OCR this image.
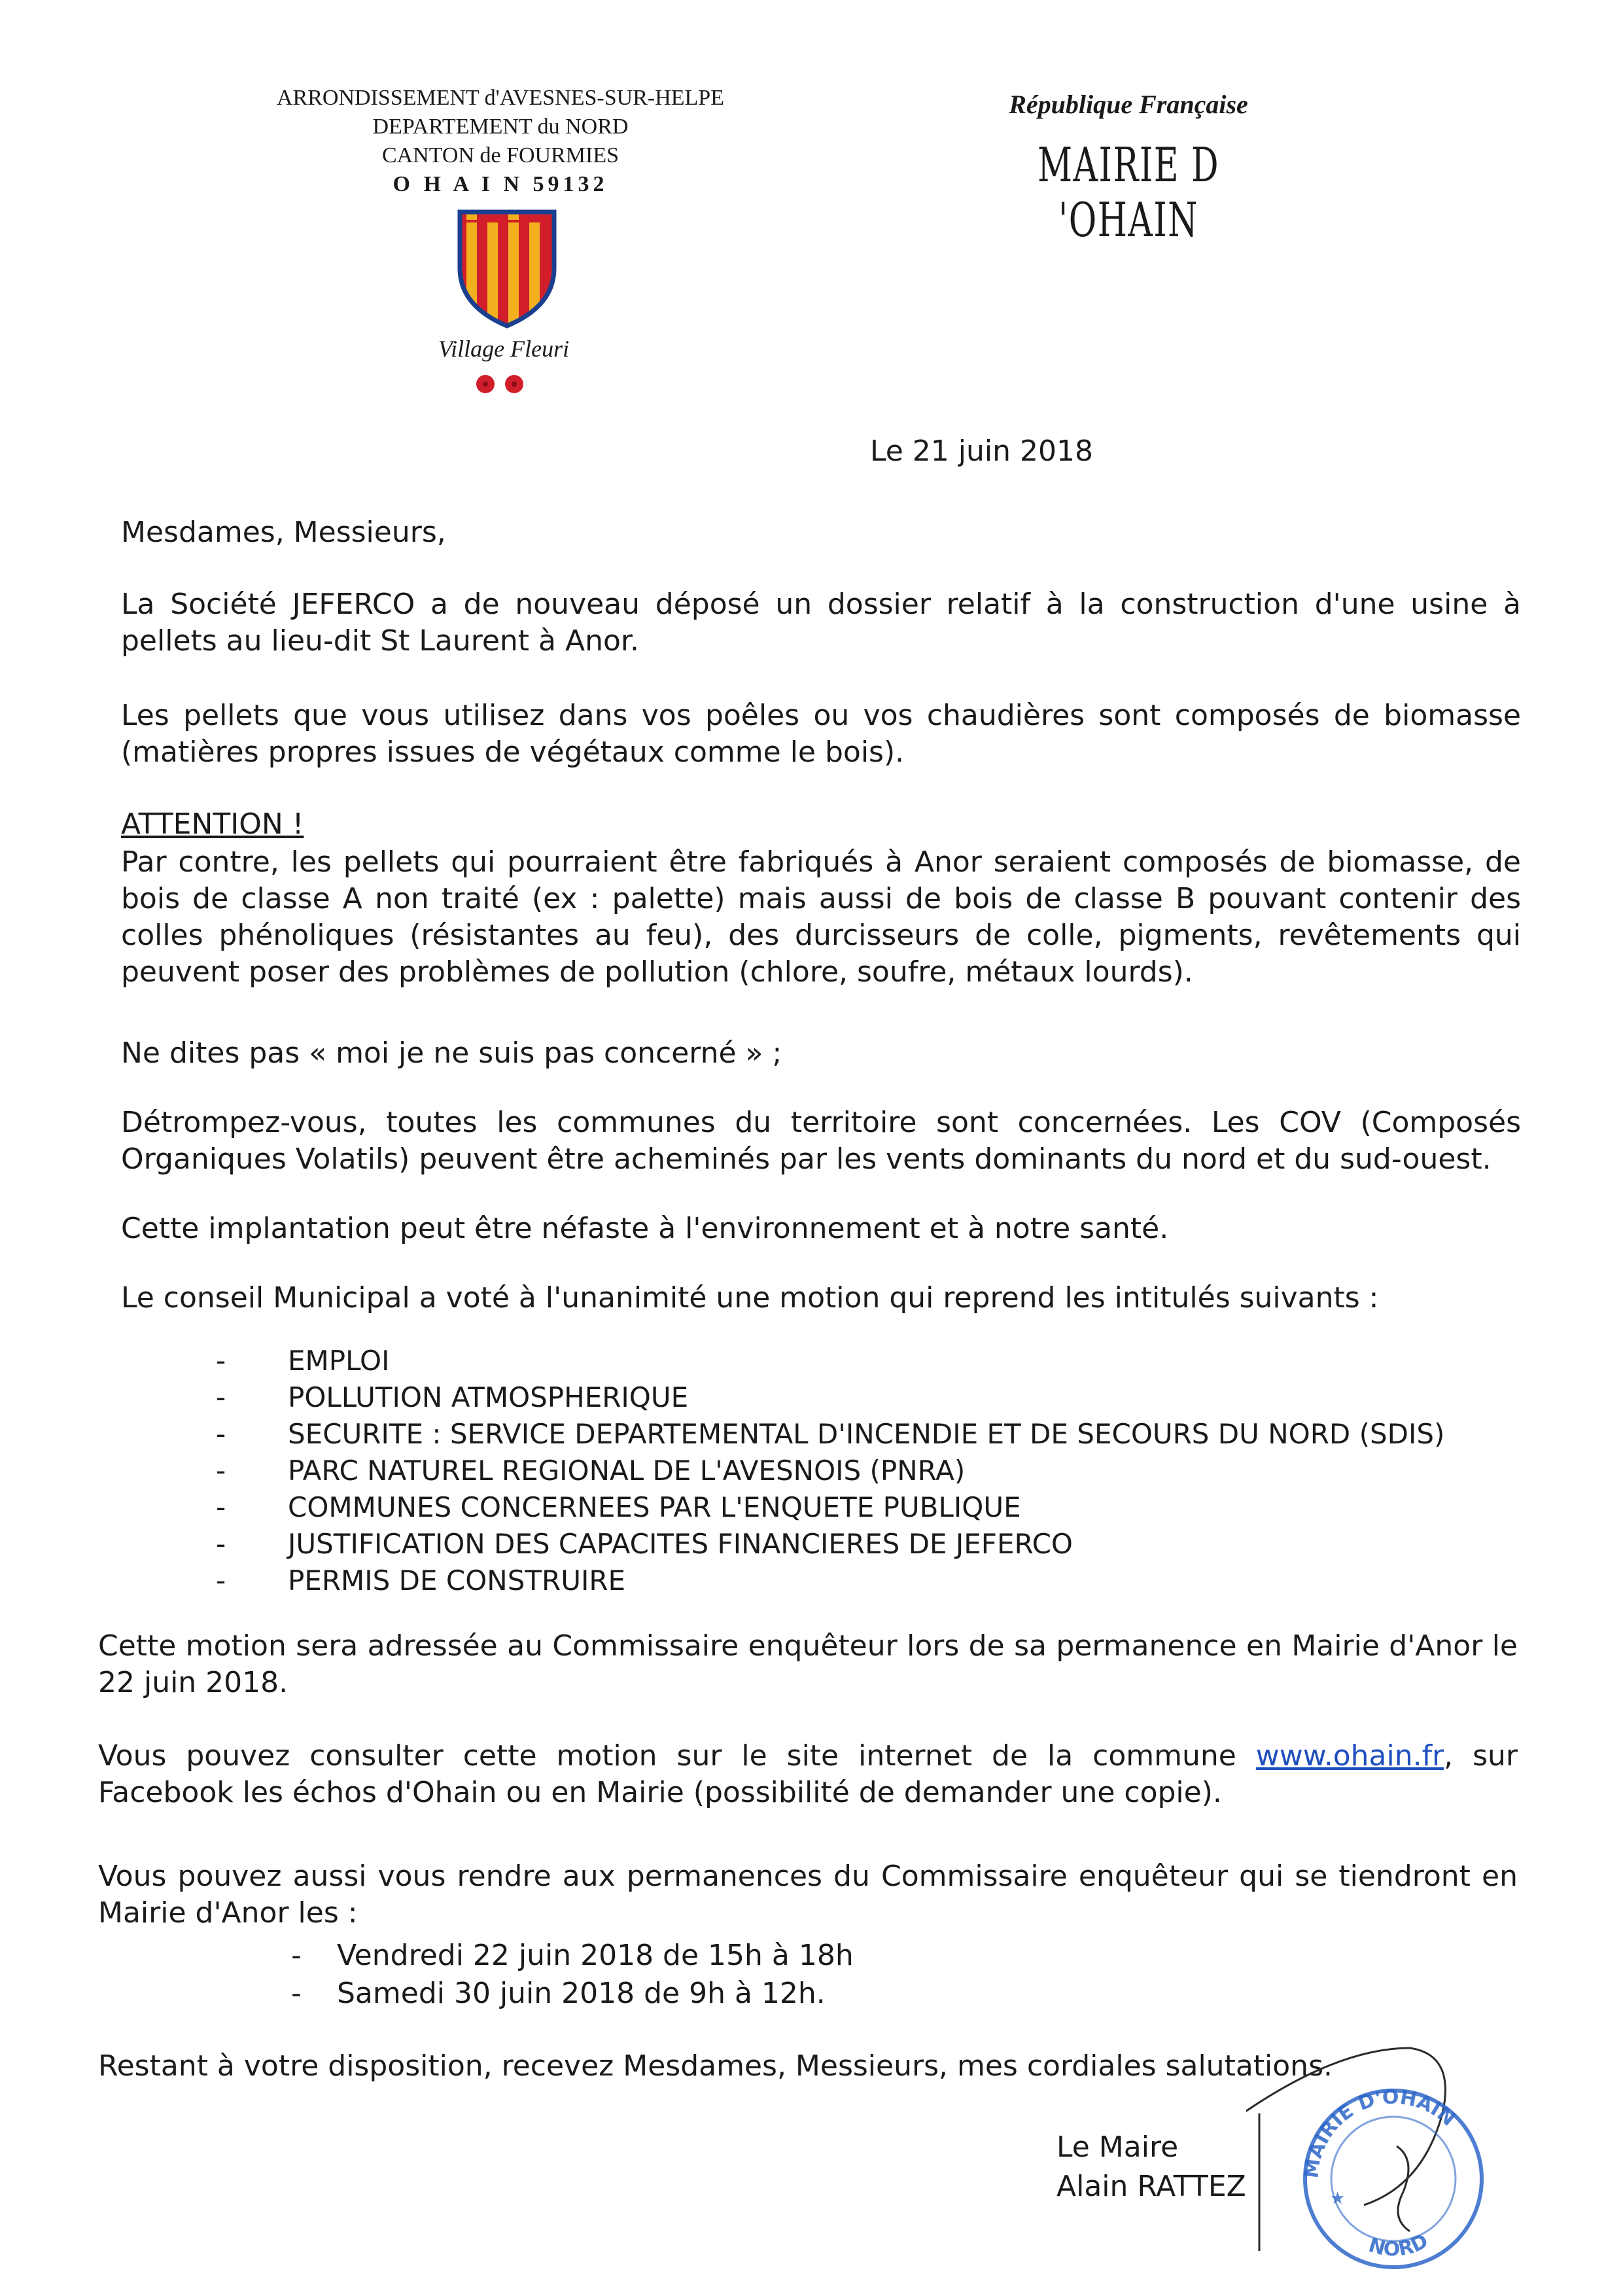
ARRONDISSEMENT d'AVESNES-SUR-HELPE
DEPARTEMENT du NORD
CANTON de FOURMIES
O H A I N 59132
Village Fleuri
République Française
MAIRIE D 'OHAIN
Le 21 juin 2018
Mesdames, Messieurs,
La Société JEFERCO a de nouveau déposé un dossier relatif à la construction d'une usine à pellets au lieu-dit St Laurent à Anor.
Les pellets que vous utilisez dans vos poêles ou vos chaudières sont composés de biomasse (matières propres issues de végétaux comme le bois).
ATTENTION !
Par contre, les pellets qui pourraient être fabriqués à Anor seraient composés de biomasse, de bois de classe A non traité (ex : palette) mais aussi de bois de classe B pouvant contenir des colles phénoliques (résistantes au feu), des durcisseurs de colle, pigments, revêtements qui peuvent poser des problèmes de pollution (chlore, soufre, métaux lourds).
Ne dites pas « moi je ne suis pas concerné » ;
Détrompez-vous, toutes les communes du territoire sont concernées. Les COV (Composés Organiques Volatils) peuvent être acheminés par les vents dominants du nord et du sud-ouest.
Cette implantation peut être néfaste à l'environnement et à notre santé.
Le conseil Municipal a voté à l'unanimité une motion qui reprend les intitulés suivants :
- EMPLOI
- POLLUTION ATMOSPHERIQUE
- SECURITE : SERVICE DEPARTEMENTAL D'INCENDIE ET DE SECOURS DU NORD (SDIS)
- PARC NATUREL REGIONAL DE L'AVESNOIS (PNRA)
- COMMUNES CONCERNEES PAR L'ENQUETE PUBLIQUE
- JUSTIFICATION DES CAPACITES FINANCIERES DE JEFERCO
- PERMIS DE CONSTRUIRE
Cette motion sera adressée au Commissaire enquêteur lors de sa permanence en Mairie d'Anor le 22 juin 2018.
Vous pouvez consulter cette motion sur le site internet de la commune www.ohain.fr, sur Facebook les échos d'Ohain ou en Mairie (possibilité de demander une copie).
Vous pouvez aussi vous rendre aux permanences du Commissaire enquêteur qui se tiendront en Mairie d'Anor les :
- Vendredi 22 juin 2018 de 15h à 18h
- Samedi 30 juin 2018 de 9h à 12h.
Restant à votre disposition, recevez Mesdames, Messieurs, mes cordiales salutations.
Le Maire
Alain RATTEZ
MAIRIE D'OHAIN
NORD
★
